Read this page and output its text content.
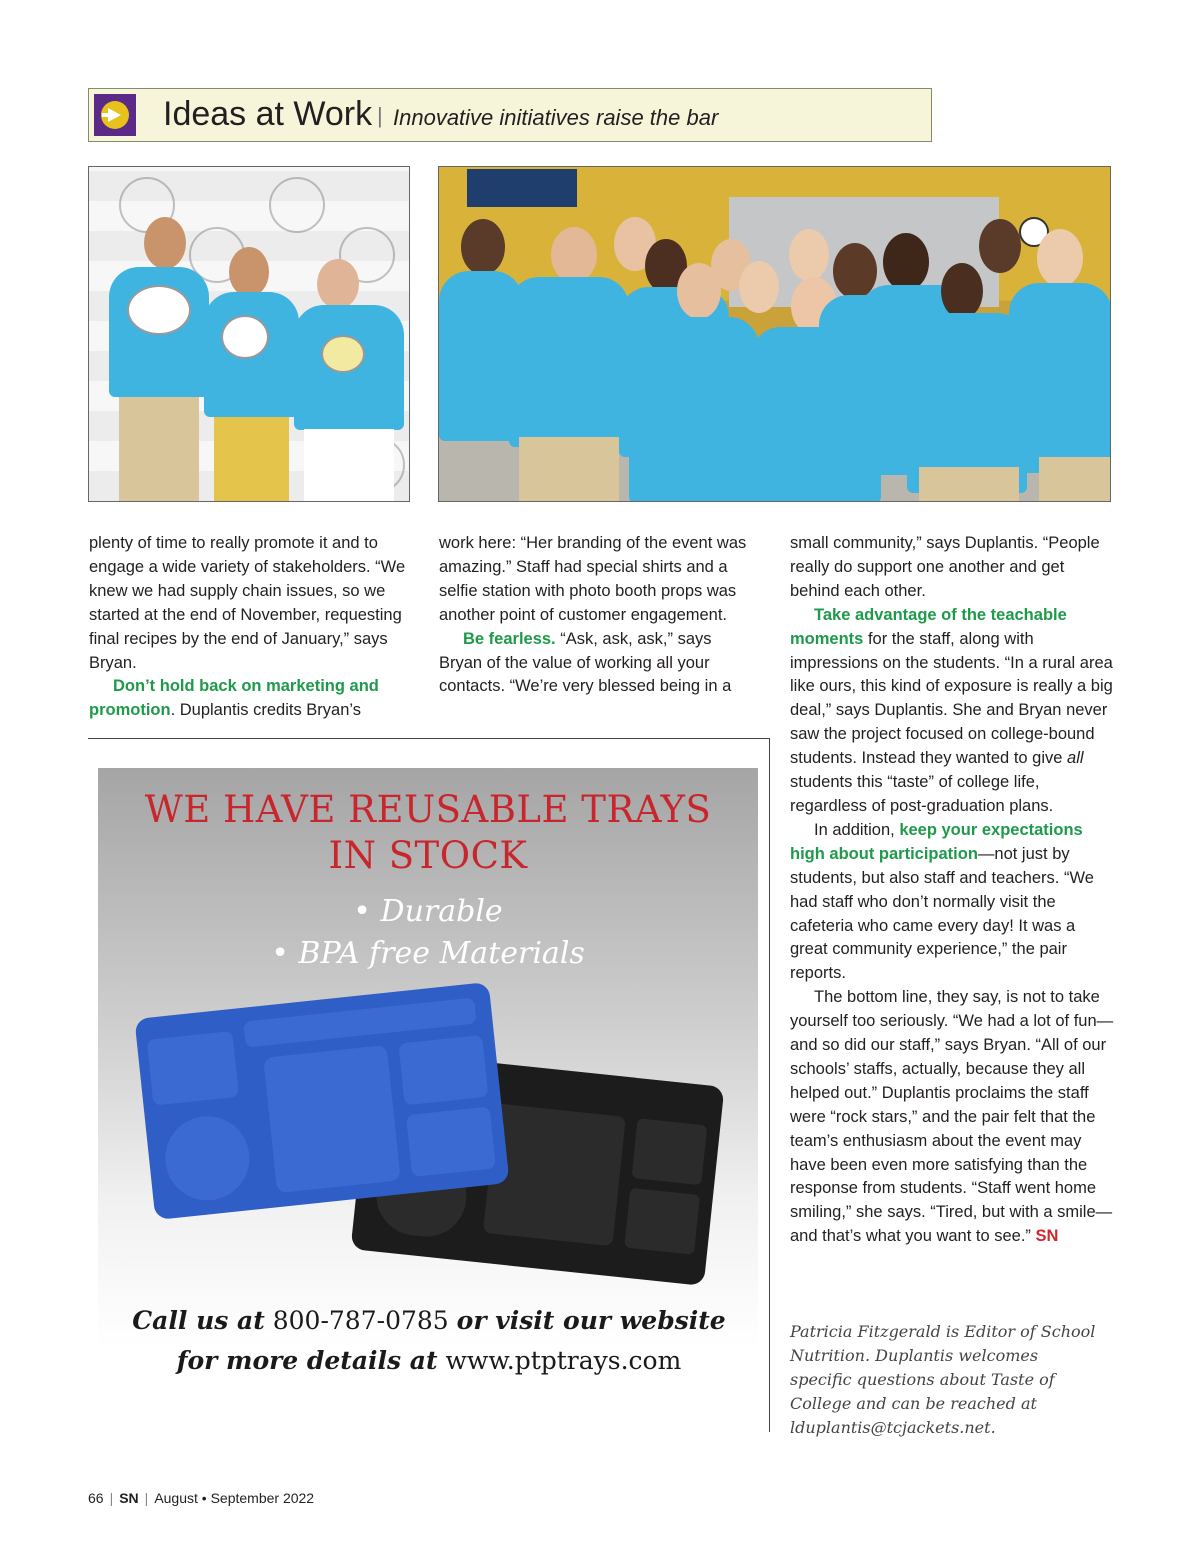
Ideas at Work | Innovative initiatives raise the bar

plenty of time to really promote it and to engage a wide variety of stakeholders. “We knew we had supply chain issues, so we started at the end of November, requesting final recipes by the end of January,” says Bryan.

Don’t hold back on marketing and promotion. Duplantis credits Bryan’s

work here: “Her branding of the event was amazing.” Staff had special shirts and a selfie station with photo booth props was another point of customer engagement.

Be fearless. “Ask, ask, ask,” says Bryan of the value of working all your contacts. “We’re very blessed being in a

small community,” says Duplantis. “People really do support one another and get behind each other.

Take advantage of the teachable moments for the staff, along with impressions on the students. “In a rural area like ours, this kind of exposure is really a big deal,” says Duplantis. She and Bryan never saw the project focused on college-bound students. Instead they wanted to give all students this “taste” of college life, regardless of post-graduation plans.

In addition, keep your expectations high about participation—not just by students, but also staff and teachers. “We had staff who don’t normally visit the cafeteria who came every day! It was a great community experience,” the pair reports.

The bottom line, they say, is not to take yourself too seriously. “We had a lot of fun—and so did our staff,” says Bryan. “All of our schools’ staffs, actually, because they all helped out.” Duplantis proclaims the staff were “rock stars,” and the pair felt that the team’s enthusiasm about the event may have been even more satisfying than the response from students. “Staff went home smiling,” she says. “Tired, but with a smile—and that’s what you want to see.” SN

WE HAVE REUSABLE TRAYS
IN STOCK
• Durable
• BPA free Materials
Call us at 800-787-0785 or visit our website
for more details at www.ptptrays.com
Patricia Fitzgerald is Editor of School Nutrition. Duplantis welcomes specific questions about Taste of College and can be reached at lduplantis@tcjackets.net.
66 | SN | August • September 2022
